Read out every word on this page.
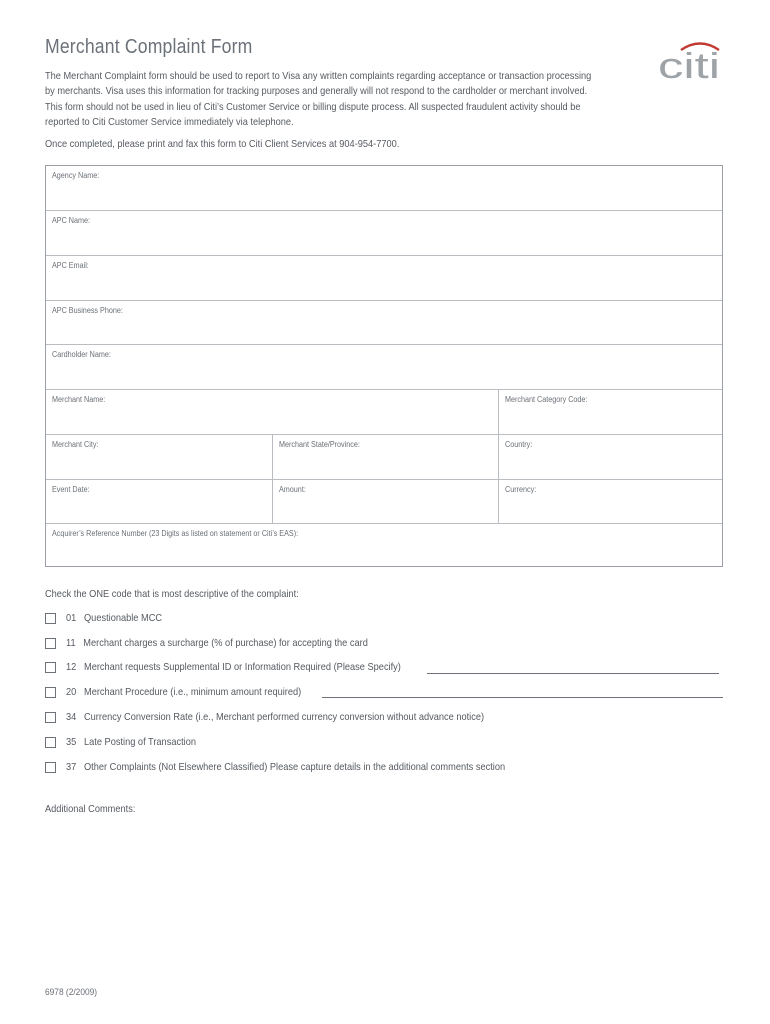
Merchant Complaint Form	citi

The Merchant Complaint form should be used to report to Visa any written complaints regarding acceptance or transaction processing

by merchants. Visa uses this information for tracking purposes and generally will not respond to the cardholder or merchant involved.

This form should not be used in lieu of Citi’s Customer Service or billing dispute process. All suspected fraudulent activity should be

reported to Citi Customer Service immediately via telephone.

Once completed, please print and fax this form to Citi Client Services at 904-954-7700.
Agency Name:
APC Name:
APC Email:
APC Business Phone:
Cardholder Name:
Merchant Name:	Merchant Category Code:
Merchant City:	Merchant State/Province:	Country:
Event Date:	Amount:	Currency:
Acquirer’s Reference Number (23 Digits as listed on statement or Citi’s EAS):
Check the ONE code that is most descriptive of the complaint:
01 Questionable MCC
11 Merchant charges a surcharge (% of purchase) for accepting the card
12 Merchant requests Supplemental ID or Information Required (Please Specify)
20 Merchant Procedure (i.e., minimum amount required)
34 Currency Conversion Rate (i.e., Merchant performed currency conversion without advance notice)
35 Late Posting of Transaction
37 Other Complaints (Not Elsewhere Classified) Please capture details in the additional comments section
Additional Comments:
6978 (2/2009)
